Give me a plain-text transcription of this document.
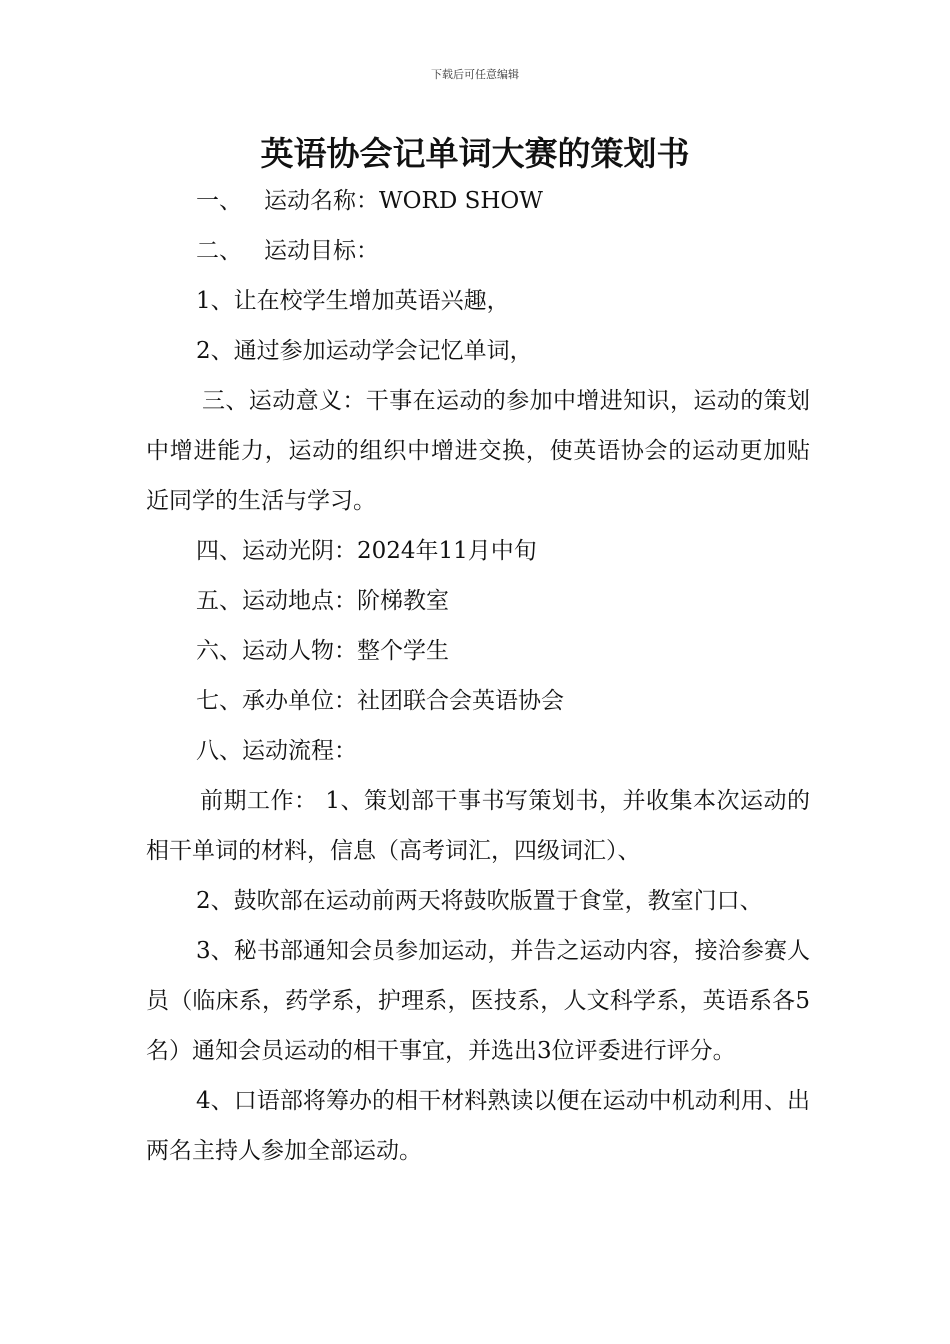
下载后可任意编辑
英语协会记单词大赛的策划书
一、 运动名称：WORD SHOW
二、 运动目标：
1、让在校学生增加英语兴趣，
2、通过参加运动学会记忆单词，
三、运动意义：干事在运动的参加中增进知识，运动的策划中增进能力，运动的组织中增进交换，使英语协会的运动更加贴近同学的生活与学习。
四、运动光阴：2024年11月中旬
五、运动地点：阶梯教室
六、运动人物：整个学生
七、承办单位：社团联合会英语协会
八、运动流程：
前期工作： 1、策划部干事书写策划书，并收集本次运动的相干单词的材料，信息（高考词汇，四级词汇）、
2、鼓吹部在运动前两天将鼓吹版置于食堂，教室门口、
3、秘书部通知会员参加运动，并告之运动内容，接洽参赛人员（临床系，药学系，护理系，医技系，人文科学系，英语系各5名）通知会员运动的相干事宜，并选出3位评委进行评分。
4、口语部将筹办的相干材料熟读以便在运动中机动利用、出两名主持人参加全部运动。
